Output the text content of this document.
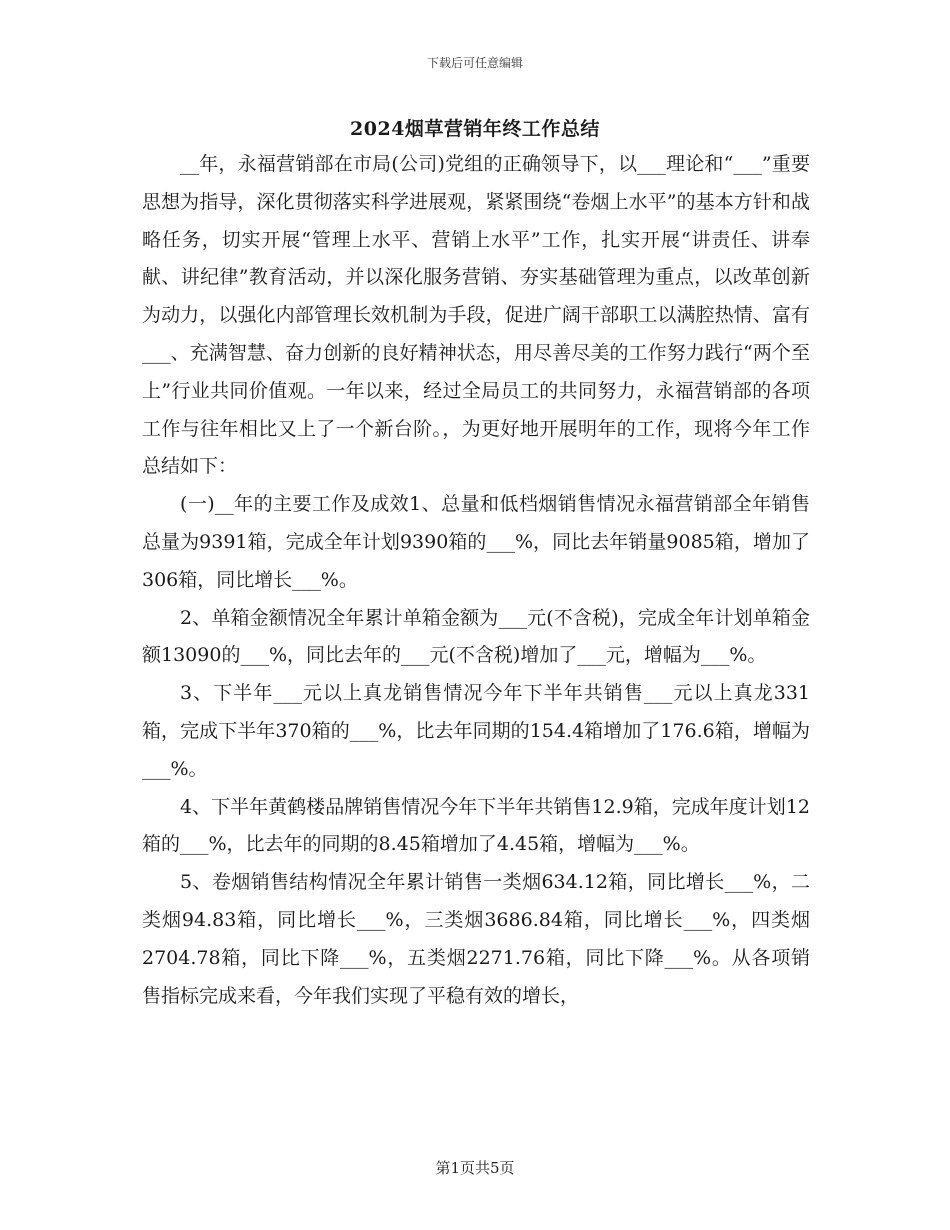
下载后可任意编辑
2024烟草营销年终工作总结

__年，永福营销部在市局(公司)党组的正确领导下，以___理论和“___”重要思想为指导，深化贯彻落实科学进展观，紧紧围绕“卷烟上水平”的基本方针和战略任务，切实开展“管理上水平、营销上水平”工作，扎实开展“讲责任、讲奉献、讲纪律”教育活动，并以深化服务营销、夯实基础管理为重点，以改革创新为动力，以强化内部管理长效机制为手段，促进广阔干部职工以满腔热情、富有___、充满智慧、奋力创新的良好精神状态，用尽善尽美的工作努力践行“两个至上”行业共同价值观。一年以来，经过全局员工的共同努力，永福营销部的各项工作与往年相比又上了一个新台阶。，为更好地开展明年的工作，现将今年工作总结如下：

(一)__年的主要工作及成效1、总量和低档烟销售情况永福营销部全年销售总量为9391箱，完成全年计划9390箱的___%，同比去年销量9085箱，增加了306箱，同比增长___%。

2、单箱金额情况全年累计单箱金额为___元(不含税)，完成全年计划单箱金额13090的___%，同比去年的___元(不含税)增加了___元，增幅为___%。

3、下半年___元以上真龙销售情况今年下半年共销售___元以上真龙331箱，完成下半年370箱的___%，比去年同期的154.4箱增加了176.6箱，增幅为___%。

4、下半年黄鹤楼品牌销售情况今年下半年共销售12.9箱，完成年度计划12箱的___%，比去年的同期的8.45箱增加了4.45箱，增幅为___%。

5、卷烟销售结构情况全年累计销售一类烟634.12箱，同比增长___%，二类烟94.83箱，同比增长___%，三类烟3686.84箱，同比增长___%，四类烟2704.78箱，同比下降___%，五类烟2271.76箱，同比下降___%。从各项销售指标完成来看，今年我们实现了平稳有效的增长，

第1页共5页
